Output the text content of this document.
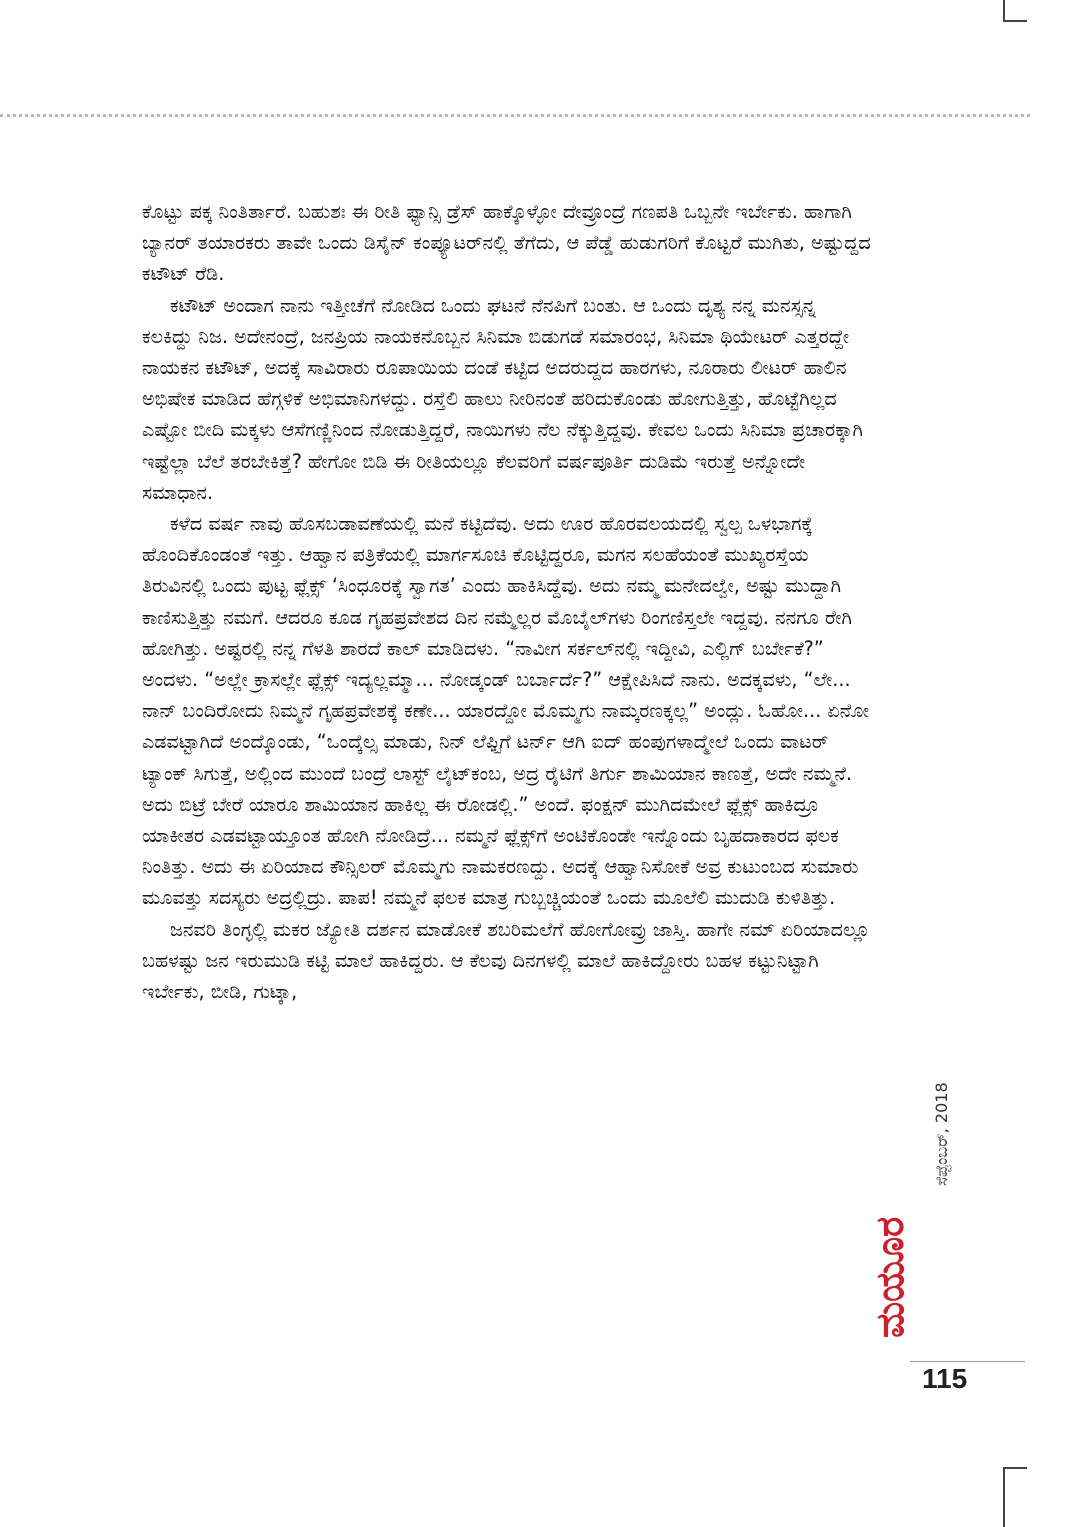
ಕೊಟ್ಟು ಪಕ್ಕ ನಿಂತಿರ್ತಾರೆ. ಬಹುಶಃ ಈ ರೀತಿ ಫ್ಯಾನ್ಸಿ ಡ್ರೆಸ್ ಹಾಕ್ಕೊಳ್ಳೋ ದೇವ್ರೂಂದ್ರೆ ಗಣಪತಿ ಒಬ್ಬನೇ ಇರ್ಬೇಕು. ಹಾಗಾಗಿ ಬ್ಯಾನರ್ ತಯಾರಕರು ತಾವೇ ಒಂದು ಡಿಸೈನ್ ಕಂಪ್ಯೂಟರ್‌ನಲ್ಲಿ ತೆಗೆದು, ಆ ಪೆಡ್ಡೆ ಹುಡುಗರಿಗೆ ಕೊಟ್ಟರೆ ಮುಗಿತು, ಅಷ್ಟುದ್ದದ ಕಟೌಟ್ ರೆಡಿ.

ಕಟೌಟ್ ಅಂದಾಗ ನಾನು ಇತ್ತೀಚೆಗೆ ನೋಡಿದ ಒಂದು ಘಟನೆ ನೆನಪಿಗೆ ಬಂತು. ಆ ಒಂದು ದೃಶ್ಯ ನನ್ನ ಮನಸ್ಸನ್ನ ಕಲಕಿದ್ದು ನಿಜ. ಅದೇನಂದ್ರೆ, ಜನಪ್ರಿಯ ನಾಯಕನೊಬ್ಬನ ಸಿನಿಮಾ ಬಿಡುಗಡೆ ಸಮಾರಂಭ, ಸಿನಿಮಾ ಥಿಯೇಟರ್ ಎತ್ತರದ್ದೇ ನಾಯಕನ ಕಟೌಟ್, ಅದಕ್ಕೆ ಸಾವಿರಾರು ರೂಪಾಯಿಯ ದಂಡೆ ಕಟ್ಟಿದ ಅದರುದ್ದದ ಹಾರಗಳು, ನೂರಾರು ಲೀಟರ್ ಹಾಲಿನ ಅಭಿಷೇಕ ಮಾಡಿದ ಹೆಗ್ಗಳಿಕೆ ಅಭಿಮಾನಿಗಳದ್ದು. ರಸ್ತೆಲಿ ಹಾಲು ನೀರಿನಂತೆ ಹರಿದುಕೊಂಡು ಹೋಗುತ್ತಿತ್ತು, ಹೊಟ್ಟೆಗಿಲ್ಲದ ಎಷ್ಟೋ ಬೀದಿ ಮಕ್ಕಳು ಆಸೆಗಣ್ಣಿನಿಂದ ನೋಡುತ್ತಿದ್ದರೆ, ನಾಯಿಗಳು ನೆಲ ನೆಕ್ಕುತ್ತಿದ್ದವು. ಕೇವಲ ಒಂದು ಸಿನಿಮಾ ಪ್ರಚಾರಕ್ಕಾಗಿ ಇಷ್ಟೆಲ್ಲಾ ಬೆಲೆ ತರಬೇಕಿತ್ತೆ? ಹೇಗೋ ಬಿಡಿ ಈ ರೀತಿಯಲ್ಲೂ ಕೆಲವರಿಗೆ ವರ್ಷಪೂರ್ತಿ ದುಡಿಮೆ ಇರುತ್ತೆ ಅನ್ನೋದೇ ಸಮಾಧಾನ.

ಕಳೆದ ವರ್ಷ ನಾವು ಹೊಸಬಡಾವಣೆಯಲ್ಲಿ ಮನೆ ಕಟ್ಟಿದೆವು. ಅದು ಊರ ಹೊರವಲಯದಲ್ಲಿ ಸ್ವಲ್ಪ ಒಳಭಾಗಕ್ಕೆ ಹೊಂದಿಕೊಂಡಂತೆ ಇತ್ತು. ಆಹ್ವಾನ ಪತ್ರಿಕೆಯಲ್ಲಿ ಮಾರ್ಗಸೂಚಿ ಕೊಟ್ಟಿದ್ದರೂ, ಮಗನ ಸಲಹೆಯಂತೆ ಮುಖ್ಯರಸ್ತೆಯ ತಿರುವಿನಲ್ಲಿ ಒಂದು ಪುಟ್ಟ ಫ್ಲೆಕ್ಸ್ ‘ಸಿಂಧೂರಕ್ಕೆ ಸ್ವಾಗತ’ ಎಂದು ಹಾಕಿಸಿದ್ದೆವು. ಅದು ನಮ್ಮ ಮನೇದಲ್ವೇ, ಅಷ್ಟು ಮುದ್ದಾಗಿ ಕಾಣಿಸುತ್ತಿತ್ತು ನಮಗೆ. ಆದರೂ ಕೂಡ ಗೃಹಪ್ರವೇಶದ ದಿನ ನಮ್ಮೆಲ್ಲರ ಮೊಬೈಲ್‌ಗಳು ರಿಂಗಣಿಸ್ತಲೇ ಇದ್ದವು. ನನಗೂ ರೇಗಿ ಹೋಗಿತ್ತು. ಅಷ್ಟರಲ್ಲಿ ನನ್ನ ಗೆಳತಿ ಶಾರದೆ ಕಾಲ್ ಮಾಡಿದಳು. “ನಾವೀಗ ಸರ್ಕಲ್‌ನಲ್ಲಿ ಇದ್ದೀವಿ, ಎಲ್ಲಿಗ್ ಬರ್ಬೇಕೆ?” ಅಂದಳು. “ಅಲ್ಲೇ ಕ್ರಾಸಲ್ಲೇ ಫ್ಲೆಕ್ಸ್ ಇದ್ಯಲ್ಲಮ್ಮಾ... ನೋಡ್ಕಂಡ್ ಬರ್ಬಾರ್ದೆ?” ಆಕ್ಷೇಪಿಸಿದೆ ನಾನು. ಅದಕ್ಕವಳು, “ಲೇ... ನಾನ್ ಬಂದಿರೋದು ನಿಮ್ಮನೆ ಗೃಹಪ್ರವೇಶಕ್ಕೆ ಕಣೇ... ಯಾರದ್ದೋ ಮೊಮ್ಮಗು ನಾಮ್ಕರಣಕ್ಕಲ್ಲ” ಅಂದ್ಲು. ಓಹೋ... ಏನೋ ಎಡವಟ್ಟಾಗಿದೆ ಅಂದ್ಕೊಂಡು, “ಒಂದ್ಕೆಲ್ಸ ಮಾಡು, ನಿನ್ ಲೆಫ್ಟಿಗೆ ಟರ್ನ್ ಆಗಿ ಐದ್ ಹಂಪುಗಳಾದ್ಮೇಲೆ ಒಂದು ವಾಟರ್ ಟ್ಯಾಂಕ್ ಸಿಗುತ್ತೆ, ಅಲ್ಲಿಂದ ಮುಂದೆ ಬಂದ್ರೆ ಲಾಸ್ಟ್ ಲೈಟ್‌ಕಂಬ, ಅದ್ರ ರೈಟಿಗೆ ತಿರ್ಗು ಶಾಮಿಯಾನ ಕಾಣತ್ತೆ, ಅದೇ ನಮ್ಮನೆ. ಅದು ಬಿಟ್ರೆ ಬೇರೆ ಯಾರೂ ಶಾಮಿಯಾನ ಹಾಕಿಲ್ಲ ಈ ರೋಡಲ್ಲಿ.” ಅಂದೆ. ಫಂಕ್ಷನ್ ಮುಗಿದಮೇಲೆ ಫ್ಲೆಕ್ಸ್ ಹಾಕಿದ್ರೂ ಯಾಕೀತರ ಎಡವಟ್ಟಾಯ್ತೂಂತ ಹೋಗಿ ನೋಡಿದ್ರೆ... ನಮ್ಮನೆ ಫ್ಲೆಕ್ಸ್‌ಗೆ ಅಂಟಿಕೊಂಡೇ ಇನ್ನೊಂದು ಬೃಹದಾಕಾರದ ಫಲಕ ನಿಂತಿತ್ತು. ಅದು ಈ ಏರಿಯಾದ ಕೌನ್ಸಿಲರ್ ಮೊಮ್ಮಗು ನಾಮಕರಣದ್ದು. ಅದಕ್ಕೆ ಆಹ್ವಾನಿಸೋಕೆ ಅವ್ರ ಕುಟುಂಬದ ಸುಮಾರು ಮೂವತ್ತು ಸದಸ್ಯರು ಅದ್ರಲ್ಲಿದ್ರು. ಪಾಪ! ನಮ್ಮನೆ ಫಲಕ ಮಾತ್ರ ಗುಬ್ಬಚ್ಚಿಯಂತೆ ಒಂದು ಮೂಲೆಲಿ ಮುದುಡಿ ಕುಳಿತಿತ್ತು.

ಜನವರಿ ತಿಂಗ್ಳಲ್ಲಿ ಮಕರ ಜ್ಯೋತಿ ದರ್ಶನ ಮಾಡೋಕೆ ಶಬರಿಮಲೆಗೆ ಹೋಗೋವ್ರು ಜಾಸ್ತಿ. ಹಾಗೇ ನಮ್ ಏರಿಯಾದಲ್ಲೂ ಬಹಳಷ್ಟು ಜನ ಇರುಮುಡಿ ಕಟ್ಟಿ ಮಾಲೆ ಹಾಕಿದ್ದರು. ಆ ಕೆಲವು ದಿನಗಳಲ್ಲಿ ಮಾಲೆ ಹಾಕಿದ್ದೋರು ಬಹಳ ಕಟ್ಟುನಿಟ್ಟಾಗಿ ಇರ್ಬೇಕು, ಬೀಡಿ, ಗುಟ್ಕಾ,

ಮಯೂರ
ಸೆಪ್ಟೆಂಬರ್, 2018
115
